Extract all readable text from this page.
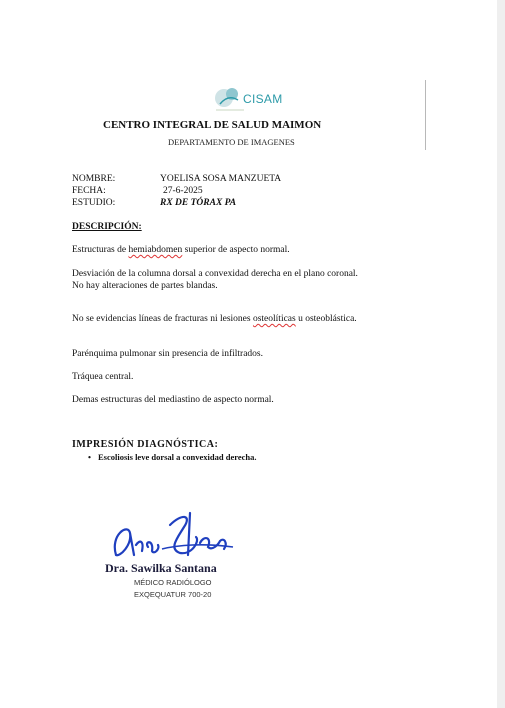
CISAM
CENTRO INTEGRAL DE SALUD MAIMON
DEPARTAMENTO DE IMAGENES
NOMBRE:	YOELISA SOSA MANZUETA
FECHA:	27-6-2025
ESTUDIO:	RX DE TÓRAX PA
DESCRIPCIÓN:
Estructuras de hemiabdomen superior de aspecto normal.
Desviación de la columna dorsal a convexidad derecha en el plano coronal.
No hay alteraciones de partes blandas.
No se evidencias líneas de fracturas ni lesiones osteolíticas u osteoblástica.
Parénquima pulmonar sin presencia de infiltrados.
Tráquea central.
Demas estructuras del mediastino de aspecto normal.
IMPRESIÓN DIAGNÓSTICA:
• Escoliosis leve dorsal a convexidad derecha.
Dra. Sawilka Santana
MÉDICO RADIÓLOGO
EXQEQUATUR 700-20
